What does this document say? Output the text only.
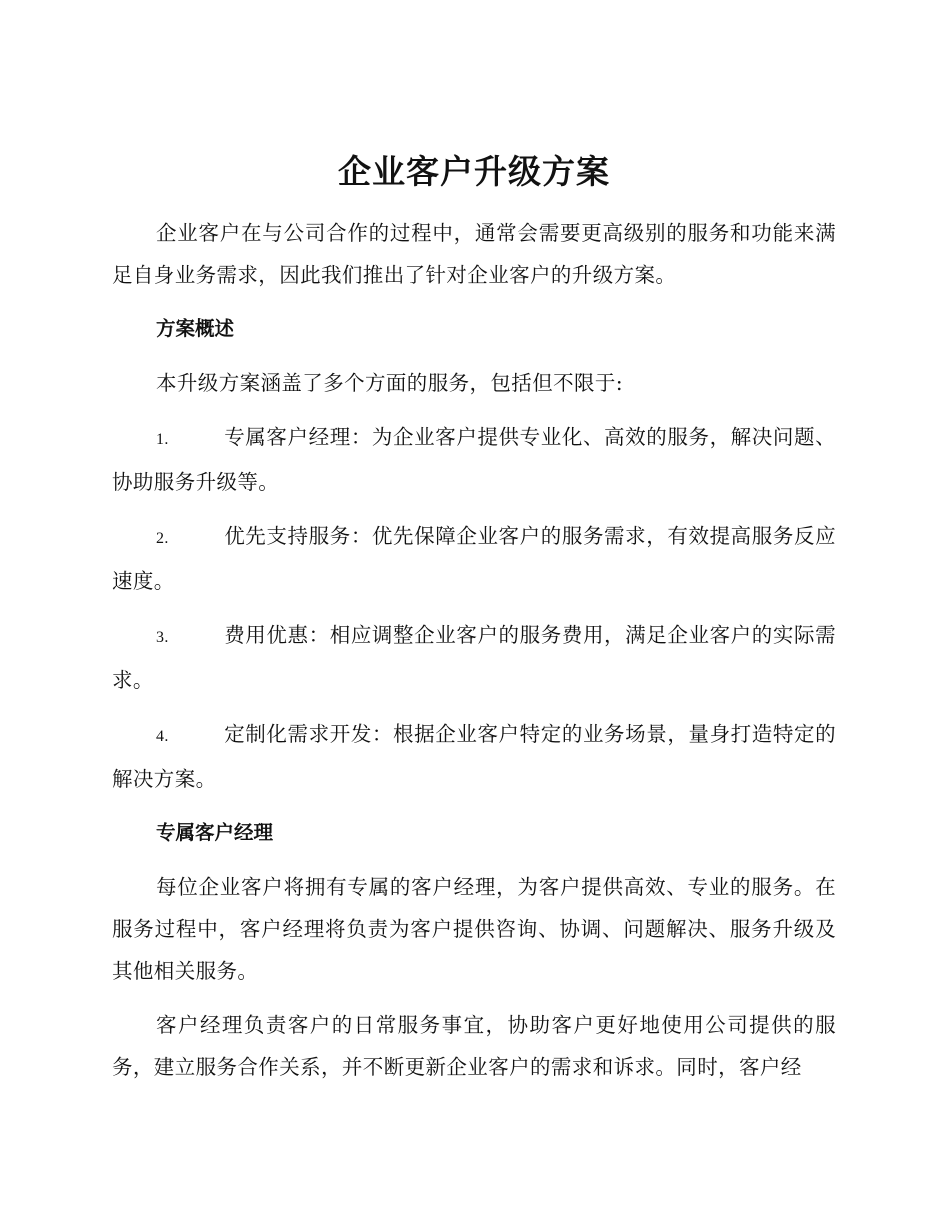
企业客户升级方案

企业客户在与公司合作的过程中，通常会需要更高级别的服务和功能来满足自身业务需求，因此我们推出了针对企业客户的升级方案。

方案概述

本升级方案涵盖了多个方面的服务，包括但不限于:

1.	专属客户经理：为企业客户提供专业化、高效的服务，解决问题、协助服务升级等。

2.	优先支持服务：优先保障企业客户的服务需求，有效提高服务反应速度。

3.	费用优惠：相应调整企业客户的服务费用，满足企业客户的实际需求。

4.	定制化需求开发：根据企业客户特定的业务场景，量身打造特定的解决方案。

专属客户经理

每位企业客户将拥有专属的客户经理，为客户提供高效、专业的服务。在服务过程中，客户经理将负责为客户提供咨询、协调、问题解决、服务升级及其他相关服务。

客户经理负责客户的日常服务事宜，协助客户更好地使用公司提供的服务，建立服务合作关系，并不断更新企业客户的需求和诉求。同时，客户经
